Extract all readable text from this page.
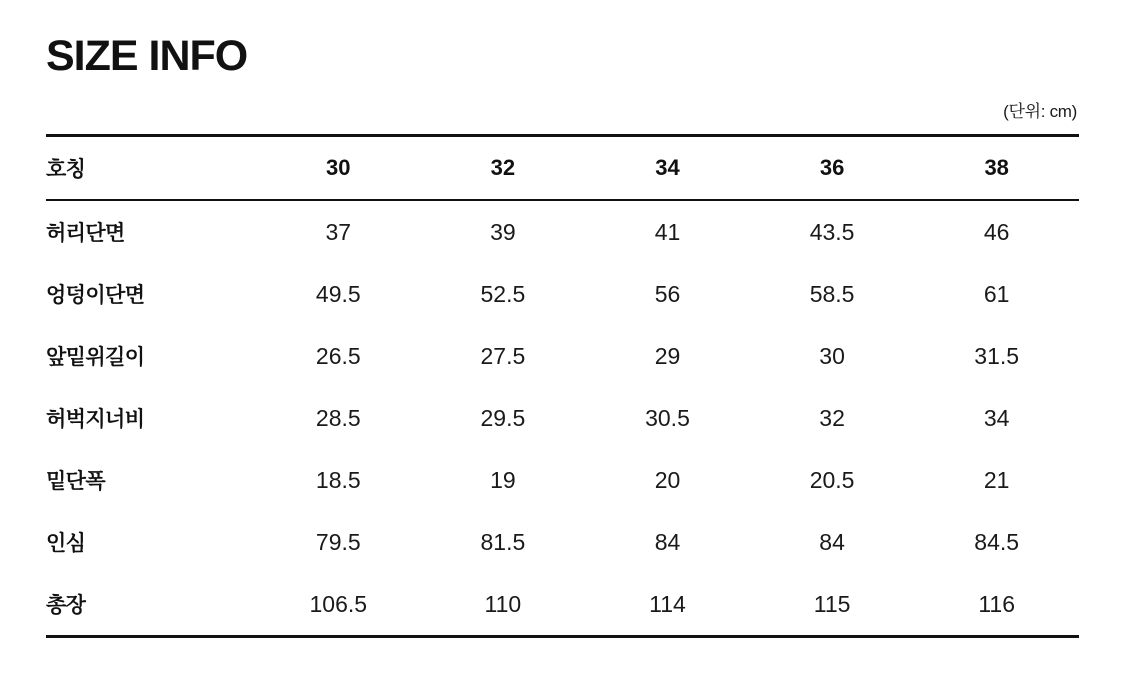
SIZE INFO
(단위: cm)
호칭	30	32	34	36	38
허리단면	37	39	41	43.5	46
엉덩이단면	49.5	52.5	56	58.5	61
앞밑위길이	26.5	27.5	29	30	31.5
허벅지너비	28.5	29.5	30.5	32	34
밑단폭	18.5	19	20	20.5	21
인심	79.5	81.5	84	84	84.5
총장	106.5	110	114	115	116
